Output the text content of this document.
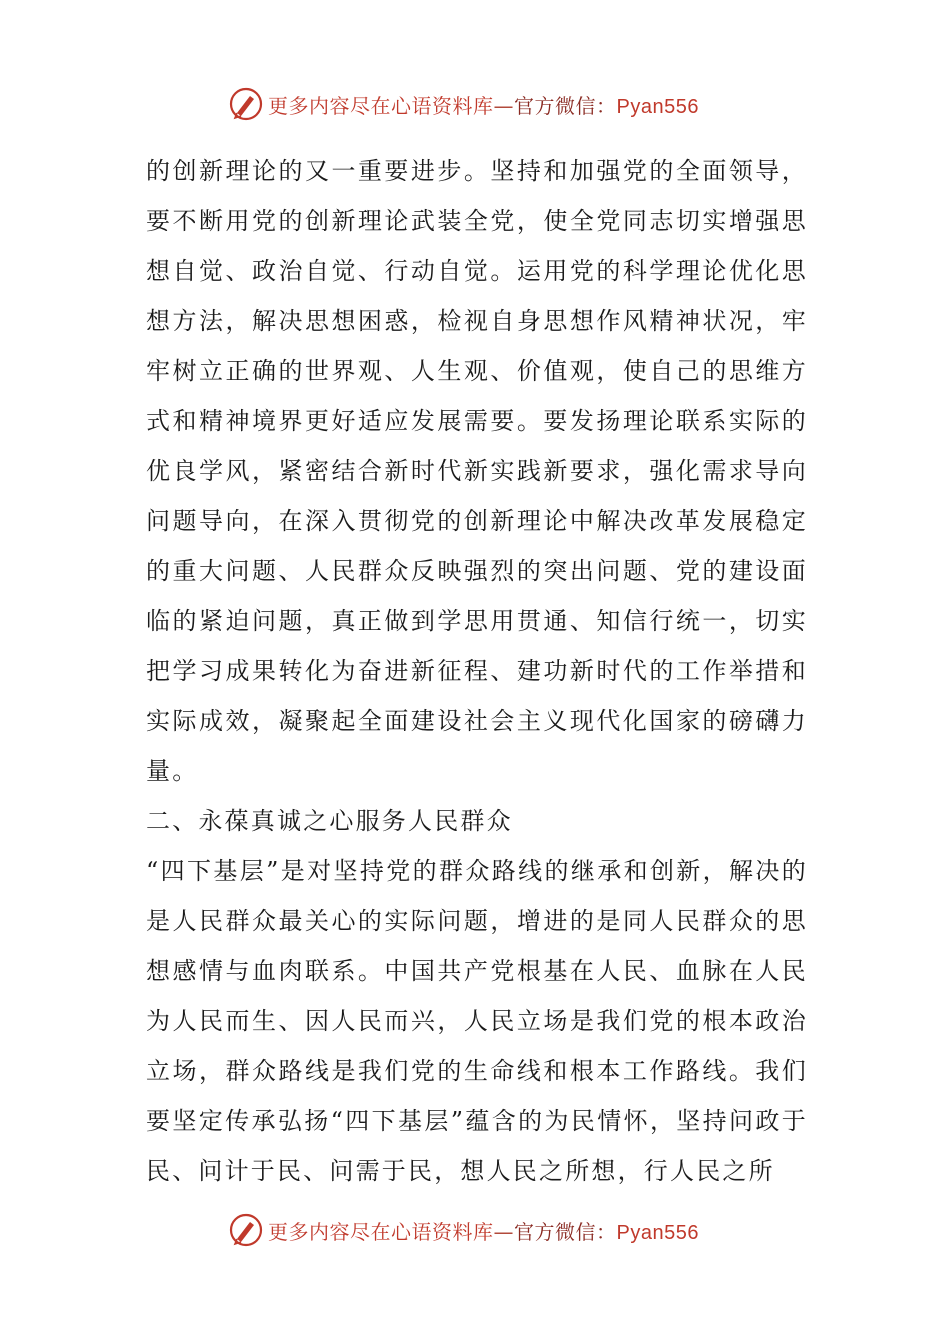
更多内容尽在心语资料库—官方微信：Pyan556

的创新理论的又一重要进步。坚持和加强党的全面领导，要不断用党的创新理论武装全党，使全党同志切实增强思想自觉、政治自觉、行动自觉。运用党的科学理论优化思想方法，解决思想困惑，检视自身思想作风精神状况，牢牢树立正确的世界观、人生观、价值观，使自己的思维方式和精神境界更好适应发展需要。要发扬理论联系实际的优良学风，紧密结合新时代新实践新要求，强化需求导向问题导向，在深入贯彻党的创新理论中解决改革发展稳定的重大问题、人民群众反映强烈的突出问题、党的建设面临的紧迫问题，真正做到学思用贯通、知信行统一，切实把学习成果转化为奋进新征程、建功新时代的工作举措和实际成效，凝聚起全面建设社会主义现代化国家的磅礴力量。

二、永葆真诚之心服务人民群众

“四下基层”是对坚持党的群众路线的继承和创新，解决的是人民群众最关心的实际问题，增进的是同人民群众的思想感情与血肉联系。中国共产党根基在人民、血脉在人民为人民而生、因人民而兴，人民立场是我们党的根本政治立场，群众路线是我们党的生命线和根本工作路线。我们要坚定传承弘扬“四下基层”蕴含的为民情怀，坚持问政于民、问计于民、问需于民，想人民之所想，行人民之所

更多内容尽在心语资料库—官方微信：Pyan556
